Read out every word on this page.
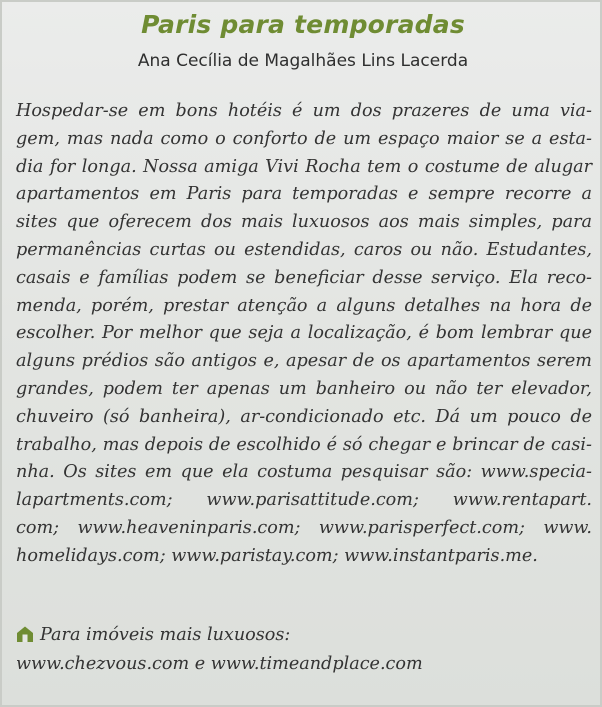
Paris para temporadas
Ana Cecília de Magalhães Lins Lacerda
Hospedar-se em bons hotéis é um dos prazeres de uma via-
gem, mas nada como o conforto de um espaço maior se a esta-
dia for longa. Nossa amiga Vivi Rocha tem o costume de alugar
apartamentos em Paris para temporadas e sempre recorre a
sites que oferecem dos mais luxuosos aos mais simples, para
permanências curtas ou estendidas, caros ou não. Estudantes,
casais e famílias podem se beneficiar desse serviço. Ela reco-
menda, porém, prestar atenção a alguns detalhes na hora de
escolher. Por melhor que seja a localização, é bom lembrar que
alguns prédios são antigos e, apesar de os apartamentos serem
grandes, podem ter apenas um banheiro ou não ter elevador,
chuveiro (só banheira), ar-condicionado etc. Dá um pouco de
trabalho, mas depois de escolhido é só chegar e brincar de casi-
nha. Os sites em que ela costuma pesquisar são: www.specia-
lapartments.com; www.parisattitude.com; www.rentapart.
com; www.heaveninparis.com; www.parisperfect.com; www.
homelidays.com; www.paristay.com; www.instantparis.me.
Para imóveis mais luxuosos:
www.chezvous.com e www.timeandplace.com
